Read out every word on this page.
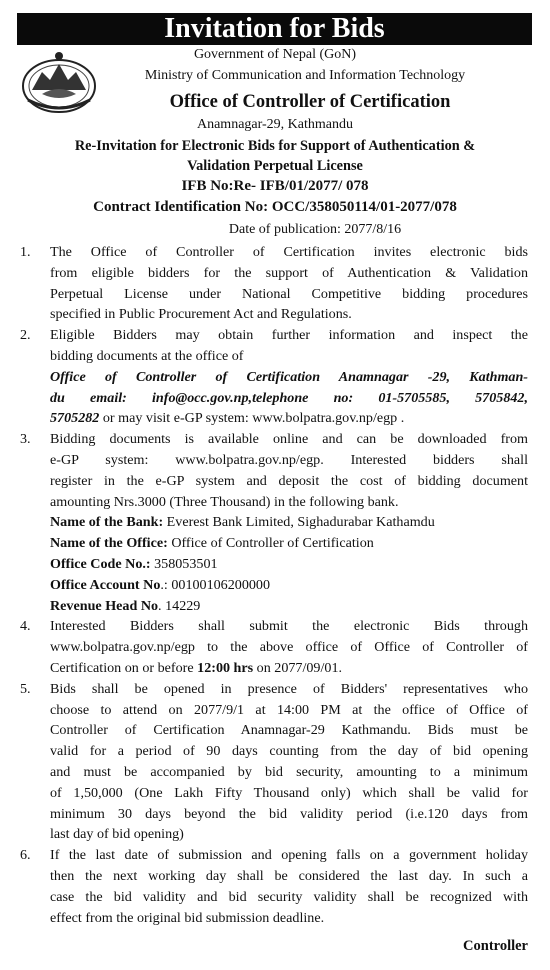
Invitation for Bids
Government of Nepal (GoN)
Ministry of Communication and Information Technology
Office of Controller of Certification
Anamnagar-29, Kathmandu
Re-Invitation for Electronic Bids for Support of Authentication &
Validation Perpetual License
IFB No:Re- IFB/01/2077/ 078
Contract Identification No: OCC/358050114/01-2077/078
Date of publication: 2077/8/16
1. The Office of Controller of Certification invites electronic bids
from eligible bidders for the support of Authentication & Validation
Perpetual License under National Competitive bidding procedures
specified in Public Procurement Act and Regulations.
2. Eligible Bidders may obtain further information and inspect the
bidding documents at the office of
Office of Controller of Certification Anamnagar -29, Kathman-
du email: info@occ.gov.np,telephone no: 01-5705585, 5705842,
5705282 or may visit e-GP system: www.bolpatra.gov.np/egp .
3. Bidding documents is available online and can be downloaded from
e-GP system: www.bolpatra.gov.np/egp. Interested bidders shall
register in the e-GP system and deposit the cost of bidding document
amounting Nrs.3000 (Three Thousand) in the following bank.
Name of the Bank: Everest Bank Limited, Sighadurabar Kathamdu
Name of the Office: Office of Controller of Certification
Office Code No.: 358053501
Office Account No.: 00100106200000
Revenue Head No. 14229
4. Interested Bidders shall submit the electronic Bids through
www.bolpatra.gov.np/egp to the above office of Office of Controller of
Certification on or before 12:00 hrs on 2077/09/01.
5. Bids shall be opened in presence of Bidders' representatives who
choose to attend on 2077/9/1 at 14:00 PM at the office of Office of
Controller of Certification Anamnagar-29 Kathmandu. Bids must be
valid for a period of 90 days counting from the day of bid opening
and must be accompanied by bid security, amounting to a minimum
of 1,50,000 (One Lakh Fifty Thousand only) which shall be valid for
minimum 30 days beyond the bid validity period (i.e.120 days from
last day of bid opening)
6. If the last date of submission and opening falls on a government holiday
then the next working day shall be considered the last day. In such a
case the bid validity and bid security validity shall be recognized with
effect from the original bid submission deadline.
Controller
